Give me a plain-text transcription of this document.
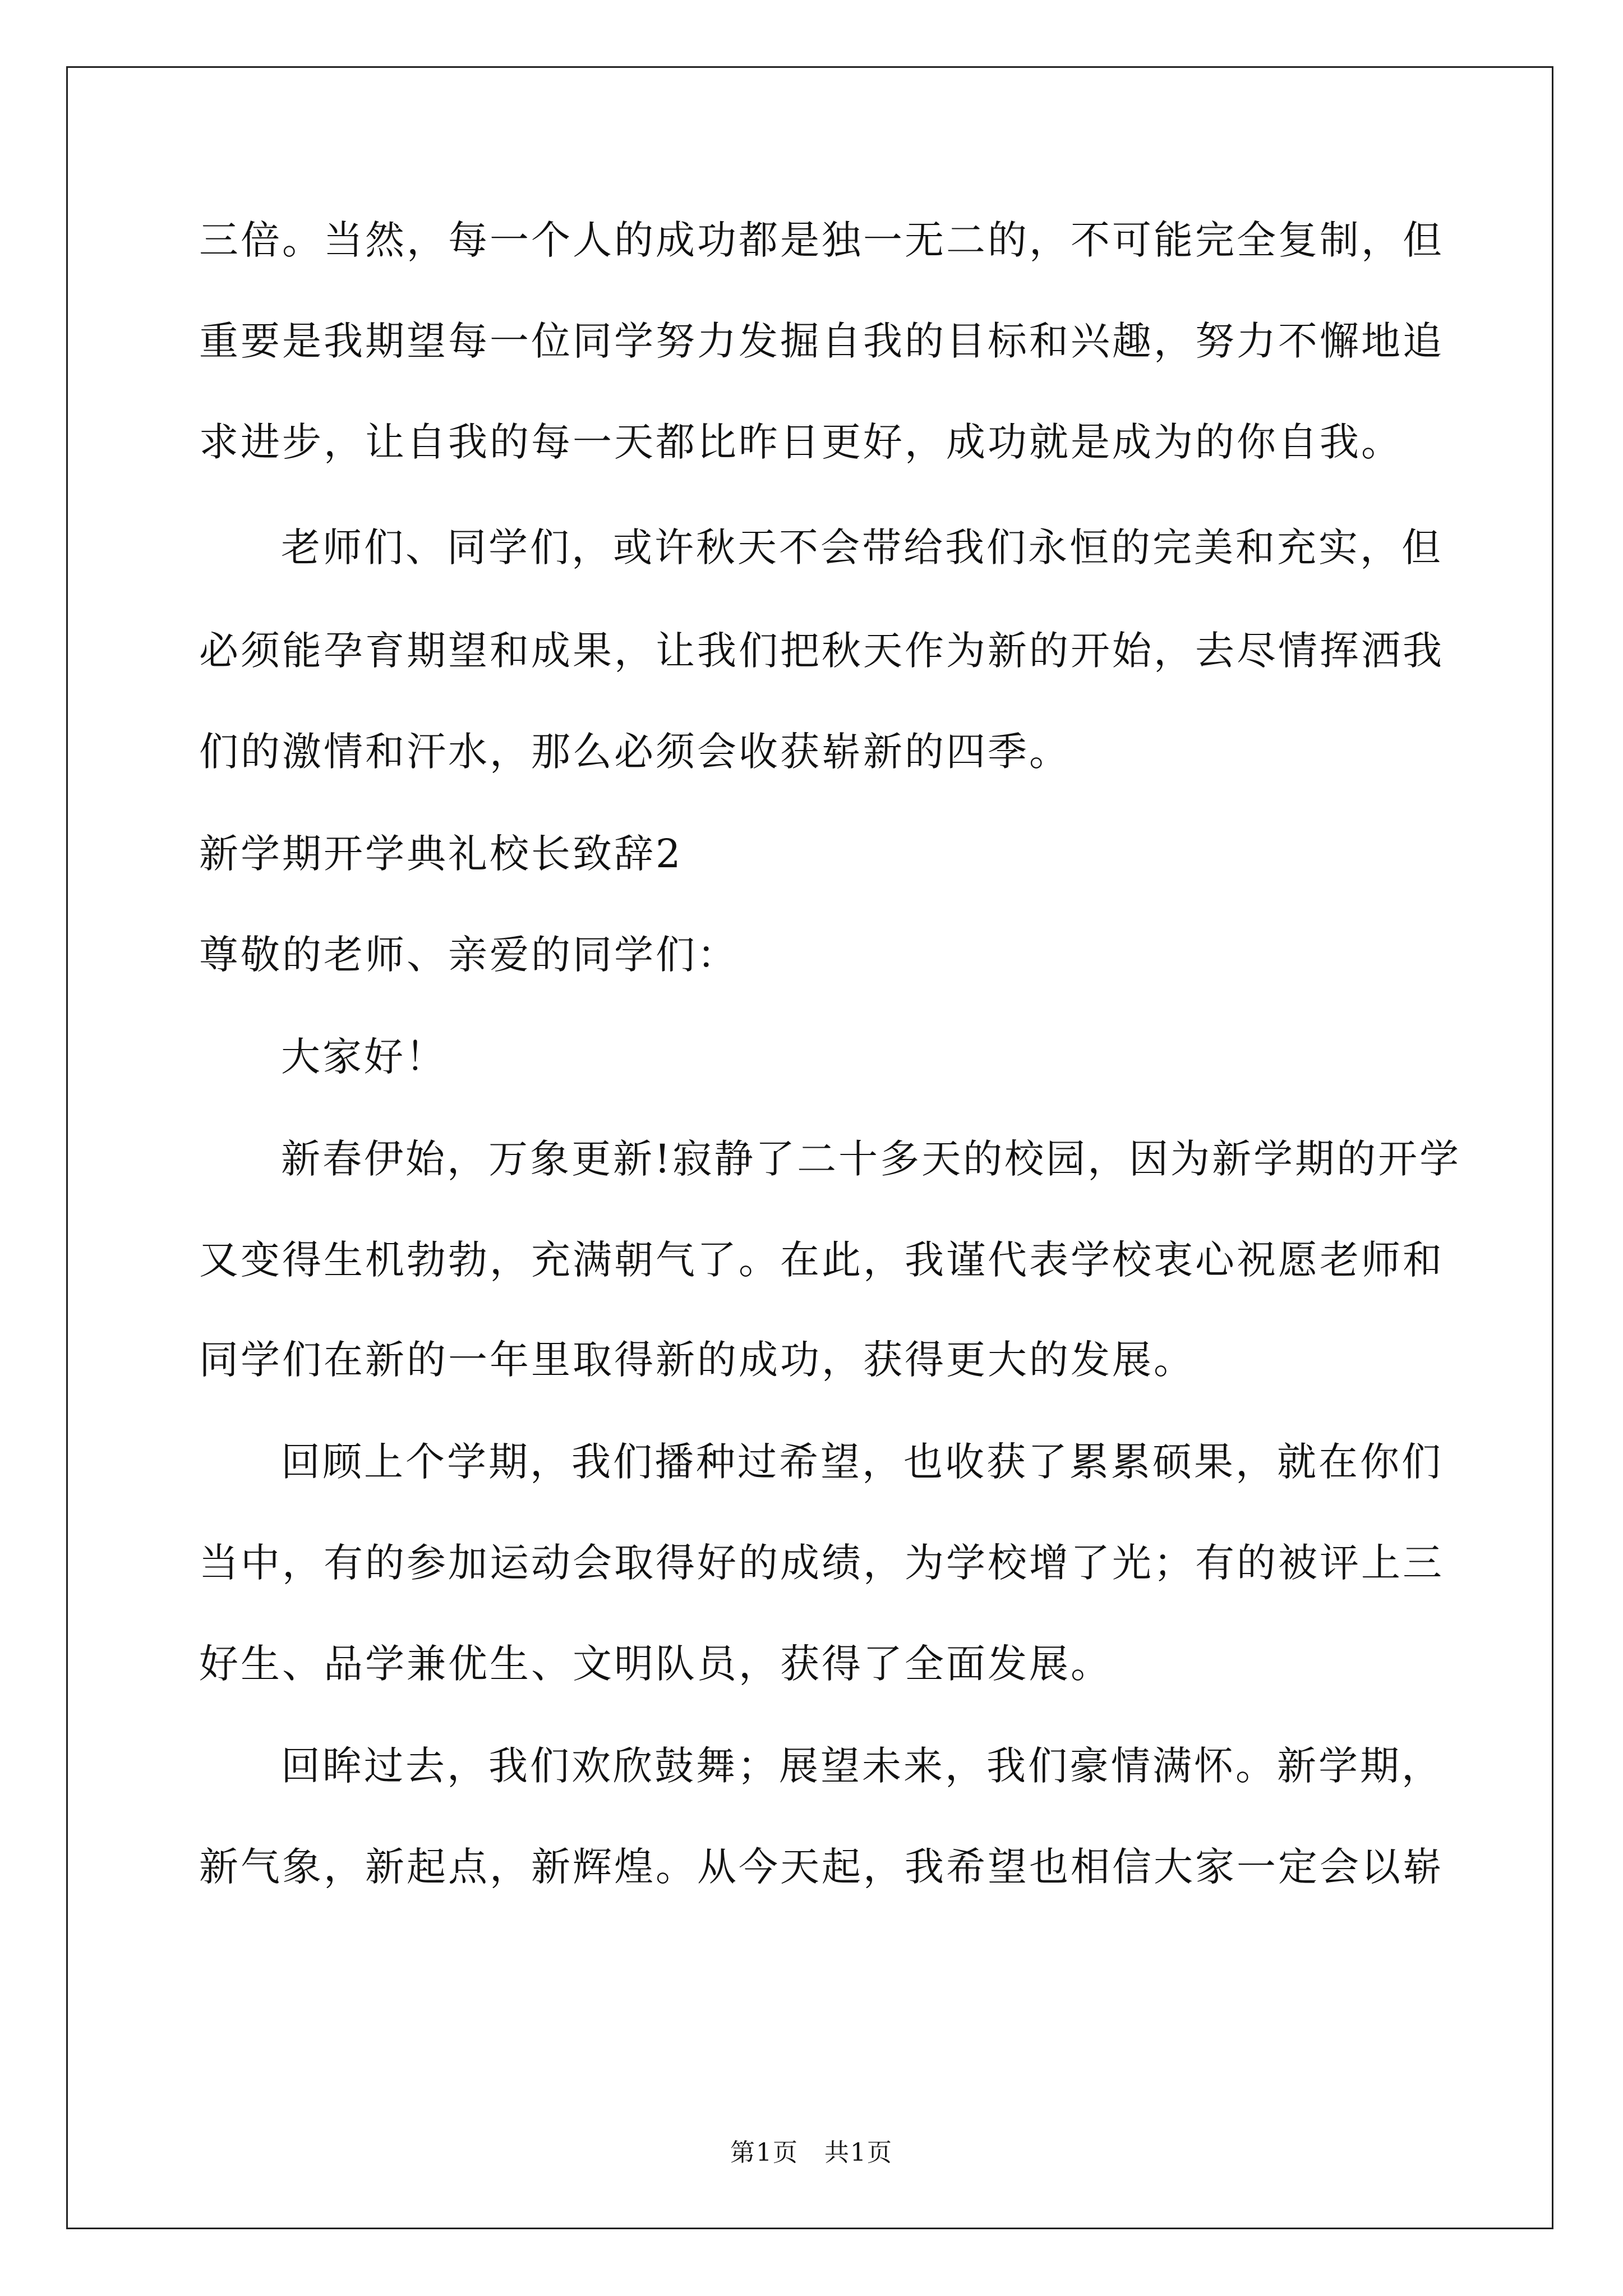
三倍。当然，每一个人的成功都是独一无二的，不可能完全复制，但
重要是我期望每一位同学努力发掘自我的目标和兴趣，努力不懈地追
求进步，让自我的每一天都比昨日更好，成功就是成为的你自我。
老师们、同学们，或许秋天不会带给我们永恒的完美和充实，但
必须能孕育期望和成果，让我们把秋天作为新的开始，去尽情挥洒我
们的激情和汗水，那么必须会收获崭新的四季。
新学期开学典礼校长致辞2
尊敬的老师、亲爱的同学们：
大家好！
新春伊始，万象更新!寂静了二十多天的校园，因为新学期的开学
又变得生机勃勃，充满朝气了。在此，我谨代表学校衷心祝愿老师和
同学们在新的一年里取得新的成功，获得更大的发展。
回顾上个学期，我们播种过希望，也收获了累累硕果，就在你们
当中，有的参加运动会取得好的成绩，为学校增了光；有的被评上三
好生、品学兼优生、文明队员，获得了全面发展。
回眸过去，我们欢欣鼓舞；展望未来，我们豪情满怀。新学期，
新气象，新起点，新辉煌。从今天起，我希望也相信大家一定会以崭
第1页　共1页
